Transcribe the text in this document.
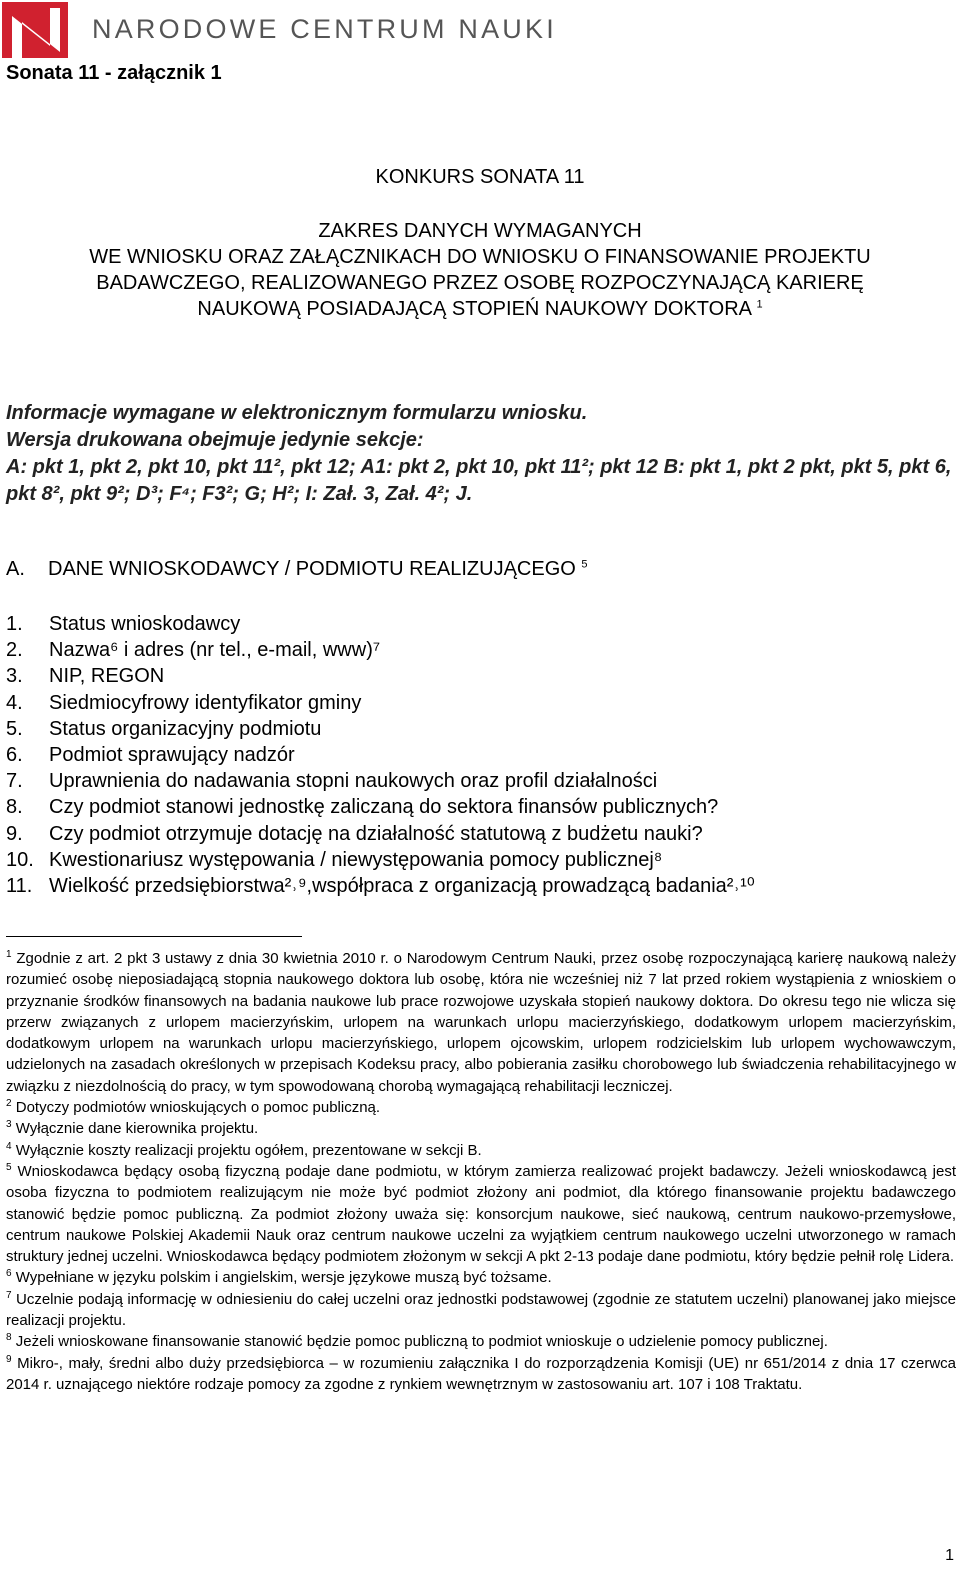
NARODOWE CENTRUM NAUKI
Sonata 11 - załącznik 1
KONKURS SONATA 11
ZAKRES DANYCH WYMAGANYCH
WE WNIOSKU ORAZ ZAŁĄCZNIKACH DO WNIOSKU O FINANSOWANIE PROJEKTU
BADAWCZEGO, REALIZOWANEGO PRZEZ OSOBĘ ROZPOCZYNAJĄCĄ KARIERĘ
NAUKOWĄ POSIADAJĄCĄ STOPIEŃ NAUKOWY DOKTORA $^1$
Informacje wymagane w elektronicznym formularzu wniosku.
Wersja drukowana obejmuje jedynie sekcje:
A: pkt 1, pkt 2, pkt 10, pkt 11², pkt 12; A1: pkt 2, pkt 10, pkt 11²; pkt 12 B: pkt 1, pkt 2 pkt, pkt 5, pkt 6, pkt 8², pkt 9²; D³; F⁴; F3²; G; H²; I: Zał. 3, Zał. 4²; J.
A. DANE WNIOSKODAWCY / PODMIOTU REALIZUJĄCEGO $^5$
1. Status wnioskodawcy
2. Nazwa⁶ i adres (nr tel., e-mail, www)⁷
3. NIP, REGON
4. Siedmiocyfrowy identyfikator gminy
5. Status organizacyjny podmiotu
6. Podmiot sprawujący nadzór
7. Uprawnienia do nadawania stopni naukowych oraz profil działalności
8. Czy podmiot stanowi jednostkę zaliczaną do sektora finansów publicznych?
9. Czy podmiot otrzymuje dotację na działalność statutową z budżetu nauki?
10. Kwestionariusz występowania / niewystępowania pomocy publicznej⁸
11. Wielkość przedsiębiorstwa²˒⁹,współpraca z organizacją prowadzącą badania²˒¹⁰
$^1$ Zgodnie z art. 2 pkt 3 ustawy z dnia 30 kwietnia 2010 r. o Narodowym Centrum Nauki, przez osobę rozpoczynającą karierę naukową należy rozumieć osobę nieposiadającą stopnia naukowego doktora lub osobę, która nie wcześniej niż 7 lat przed rokiem wystąpienia z wnioskiem o przyznanie środków finansowych na badania naukowe lub prace rozwojowe uzyskała stopień naukowy doktora. Do okresu tego nie wlicza się przerw związanych z urlopem macierzyńskim, urlopem na warunkach urlopu macierzyńskiego, dodatkowym urlopem macierzyńskim, dodatkowym urlopem na warunkach urlopu macierzyńskiego, urlopem ojcowskim, urlopem rodzicielskim lub urlopem wychowawczym, udzielonych na zasadach określonych w przepisach Kodeksu pracy, albo pobierania zasiłku chorobowego lub świadczenia rehabilitacyjnego w związku z niezdolnością do pracy, w tym spowodowaną chorobą wymagającą rehabilitacji leczniczej.
$^2$ Dotyczy podmiotów wnioskujących o pomoc publiczną.
$^3$ Wyłącznie dane kierownika projektu.
$^4$ Wyłącznie koszty realizacji projektu ogółem, prezentowane w sekcji B.
$^5$ Wnioskodawca będący osobą fizyczną podaje dane podmiotu, w którym zamierza realizować projekt badawczy. Jeżeli wnioskodawcą jest osoba fizyczna to podmiotem realizującym nie może być podmiot złożony ani podmiot, dla którego finansowanie projektu badawczego stanowić będzie pomoc publiczną. Za podmiot złożony uważa się: konsorcjum naukowe, sieć naukową, centrum naukowo-przemysłowe, centrum naukowe Polskiej Akademii Nauk oraz centrum naukowe uczelni za wyjątkiem centrum naukowego uczelni utworzonego w ramach struktury jednej uczelni. Wnioskodawca będący podmiotem złożonym w sekcji A pkt 2-13 podaje dane podmiotu, który będzie pełnił rolę Lidera.
$^6$ Wypełniane w języku polskim i angielskim, wersje językowe muszą być tożsame.
$^7$ Uczelnie podają informację w odniesieniu do całej uczelni oraz jednostki podstawowej (zgodnie ze statutem uczelni) planowanej jako miejsce realizacji projektu.
$^8$ Jeżeli wnioskowane finansowanie stanowić będzie pomoc publiczną to podmiot wnioskuje o udzielenie pomocy publicznej.
$^9$ Mikro-, mały, średni albo duży przedsiębiorca – w rozumieniu załącznika I do rozporządzenia Komisji (UE) nr 651/2014 z dnia 17 czerwca 2014 r. uznającego niektóre rodzaje pomocy za zgodne z rynkiem wewnętrznym w zastosowaniu art. 107 i 108 Traktatu.
1
